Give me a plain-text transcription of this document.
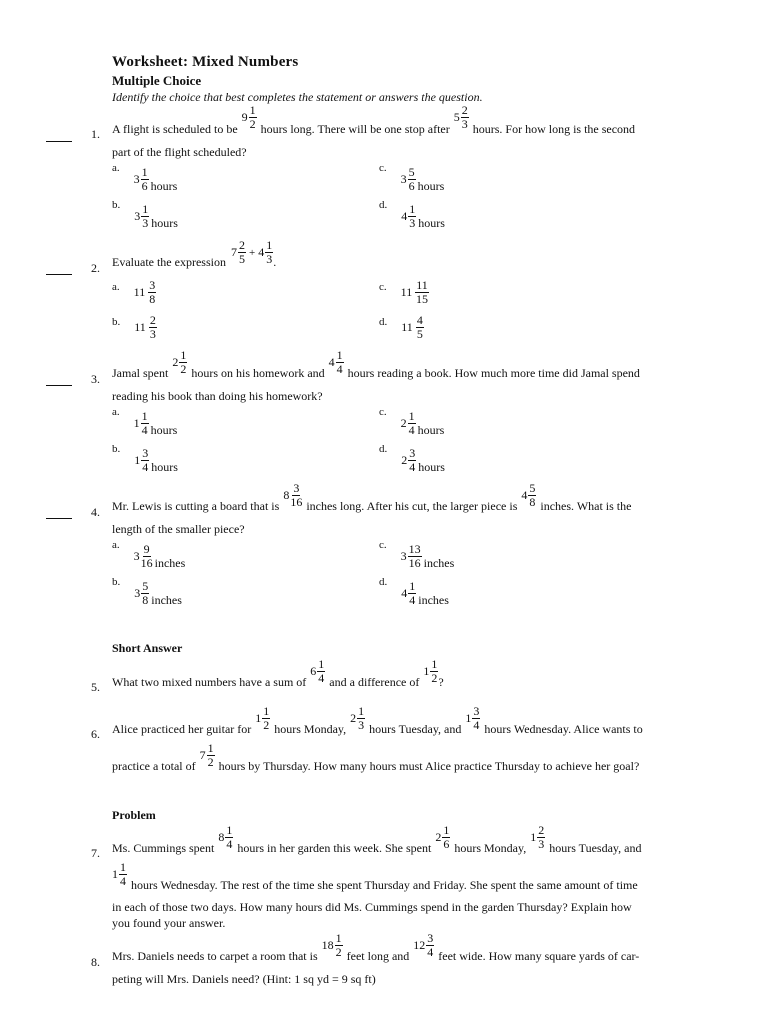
Worksheet: Mixed Numbers
Multiple Choice
Identify the choice that best completes the statement or answers the question.
1. A flight is scheduled to be
$9 \frac{1}{2}$ hours long. There will be one stop after
$5 \frac{2}{3}$ hours. For how long is the second
part of the flight scheduled?
a.
$3 \frac{1}{6}$ hours
c.
$3 \frac{5}{6}$ hours
b.
$3 \frac{1}{3}$ hours
d.
$4 \frac{1}{3}$ hours
2. Evaluate the expression
$7 \frac{2}{5} + 4 \frac{1}{3}$ .
a. $11 \frac{3}{8}$	c. $11 \frac{11}{15}$
b. $11 \frac{2}{3}$	d. $11 \frac{4}{5}$
3. Jamal spent
$2 \frac{1}{2}$ hours on his homework and
$4 \frac{1}{4}$ hours reading a book. How much more time did Jamal spend
reading his book than doing his homework?
a.
$1 \frac{1}{4}$ hours
c.
$2 \frac{1}{4}$ hours
b.
$1 \frac{3}{4}$ hours
d.
$2 \frac{3}{4}$ hours
4. Mr. Lewis is cutting a board that is
$8 \frac{3}{16}$ inches long. After his cut, the larger piece is
$4 \frac{5}{8}$ inches. What is the
length of the smaller piece?
a.
$3 \frac{9}{16}$ inches
c.
$3 \frac{13}{16}$ inches
b.
$3 \frac{5}{8}$ inches
d.
$4 \frac{1}{4}$ inches
Short Answer
5. What two mixed numbers have a sum of
$6 \frac{1}{4}$ and a difference of
$1 \frac{1}{2}$ ?
6. Alice practiced her guitar for
$1 \frac{1}{2}$ hours Monday,
$2 \frac{1}{3}$ hours Tuesday, and
$1 \frac{3}{4}$ hours Wednesday. Alice wants to
practice a total of
$7 \frac{1}{2}$ hours by Thursday. How many hours must Alice practice Thursday to achieve her goal?
Problem
7. Ms. Cummings spent
$8 \frac{1}{4}$ hours in her garden this week. She spent
$2 \frac{1}{6}$ hours Monday,
$1 \frac{2}{3}$ hours Tuesday, and
$1 \frac{1}{4}$ hours Wednesday. The rest of the time she spent Thursday and Friday. She spent the same amount of time
in each of those two days. How many hours did Ms. Cummings spend in the garden Thursday? Explain how
you found your answer.
8. Mrs. Daniels needs to carpet a room that is
$18 \frac{1}{2}$ feet long and
$12 \frac{3}{4}$ feet wide. How many square yards of car-
peting will Mrs. Daniels need? (Hint: 1 sq yd = 9 sq ft)
